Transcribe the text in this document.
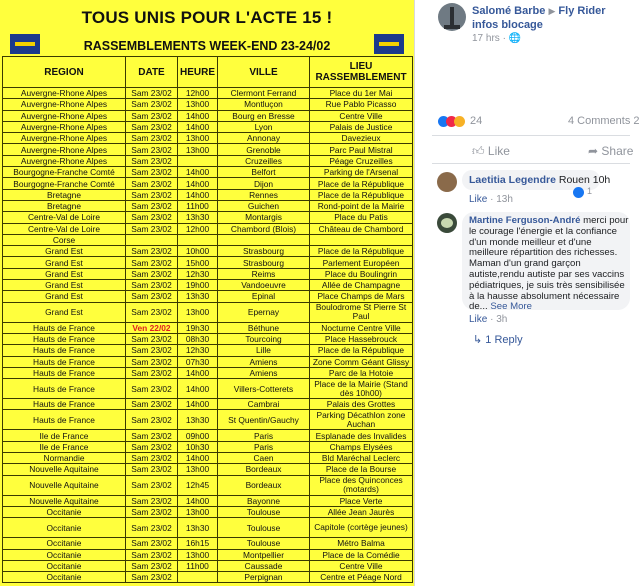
TOUS UNIS POUR L'ACTE 15 !
RASSEMBLEMENTS WEEK-END 23-24/02
REGION	DATE	HEURE	VILLE	LIEU RASSEMBLEMENT
Auvergne-Rhone Alpes	Sam 23/02	12h00	Clermont Ferrand	Place du 1er Mai
Auvergne-Rhone Alpes	Sam 23/02	13h00	Montluçon	Rue Pablo Picasso
Auvergne-Rhone Alpes	Sam 23/02	14h00	Bourg en Bresse	Centre Ville
Auvergne-Rhone Alpes	Sam 23/02	14h00	Lyon	Palais de Justice
Auvergne-Rhone Alpes	Sam 23/02	13h00	Annonay	Davezieux
Auvergne-Rhone Alpes	Sam 23/02	13h00	Grenoble	Parc Paul Mistral
Auvergne-Rhone Alpes	Sam 23/02		Cruzeilles	Péage Cruzeilles
Bourgogne-Franche Comté	Sam 23/02	14h00	Belfort	Parking de l'Arsenal
Bourgogne-Franche Comté	Sam 23/02	14h00	Dijon	Place de la République
Bretagne	Sam 23/02	14h00	Rennes	Place de la République
Bretagne	Sam 23/02	11h00	Guichen	Rond-point de la Mairie
Centre-Val de Loire	Sam 23/02	13h30	Montargis	Place du Patis
Centre-Val de Loire	Sam 23/02	12h00	Chambord (Blois)	Château de Chambord
Corse				
Grand Est	Sam 23/02	10h00	Strasbourg	Place de la République
Grand Est	Sam 23/02	15h00	Strasbourg	Parlement Européen
Grand Est	Sam 23/02	12h30	Reims	Place du Boulingrin
Grand Est	Sam 23/02	19h00	Vandoeuvre	Allée de Champagne
Grand Est	Sam 23/02	13h30	Epinal	Place Champs de Mars
Grand Est	Sam 23/02	13h00	Epernay	Boulodrome St Pierre St Paul
Hauts de France	Ven 22/02	19h30	Béthune	Nocturne Centre Ville
Hauts de France	Sam 23/02	08h30	Tourcoing	Place Hassebrouck
Hauts de France	Sam 23/02	12h30	Lille	Place de la République
Hauts de France	Sam 23/02	07h30	Amiens	Zone Comm Géant Glissy
Hauts de France	Sam 23/02	14h00	Amiens	Parc de la Hotoie
Hauts de France	Sam 23/02	14h00	Villers-Cotterets	Place de la Mairie (Stand dès 10h00)
Hauts de France	Sam 23/02	14h00	Cambrai	Palais des Grottes
Hauts de France	Sam 23/02	13h30	St Quentin/Gauchy	Parking Décathlon zone Auchan
Ile de France	Sam 23/02	09h00	Paris	Esplanade des Invalides
Ile de France	Sam 23/02	10h30	Paris	Champs Elysées
Normandie	Sam 23/02	14h00	Caen	Bld Maréchal Leclerc
Nouvelle Aquitaine	Sam 23/02	13h00	Bordeaux	Place de la Bourse
Nouvelle Aquitaine	Sam 23/02	12h45	Bordeaux	Place des Quinconces (motards)
Nouvelle Aquitaine	Sam 23/02	14h00	Bayonne	Place Verte
Occitanie	Sam 23/02	13h00	Toulouse	Allée Jean Jaurès
Occitanie	Sam 23/02	13h30	Toulouse	Capitole (cortège jeunes)
Occitanie	Sam 23/02	16h15	Toulouse	Métro Balma
Occitanie	Sam 23/02	13h00	Montpellier	Place de la Comédie
Occitanie	Sam 23/02	11h00	Caussade	Centre Ville
Occitanie	Sam 23/02		Perpignan	Centre et Péage Nord
Salomé Barbe ▶ Fly Rider infos blocage
17 hrs · 🌐
24	4 Comments 2
👍︎ Like	➦ Share
Laetitia Legendre Rouen 10h
1
Like · 13h
Martine Ferguson-André merci pour le courage l'énergie et la confiance d'un monde meilleur et d'une meilleure répartition des richesses. Maman d'un grand garçon autiste,rendu autiste par ses vaccins pédiatriques, je suis très sensibilisée à la hausse absolument nécessaire de... See More
Like · 3h
↳ 1 Reply
